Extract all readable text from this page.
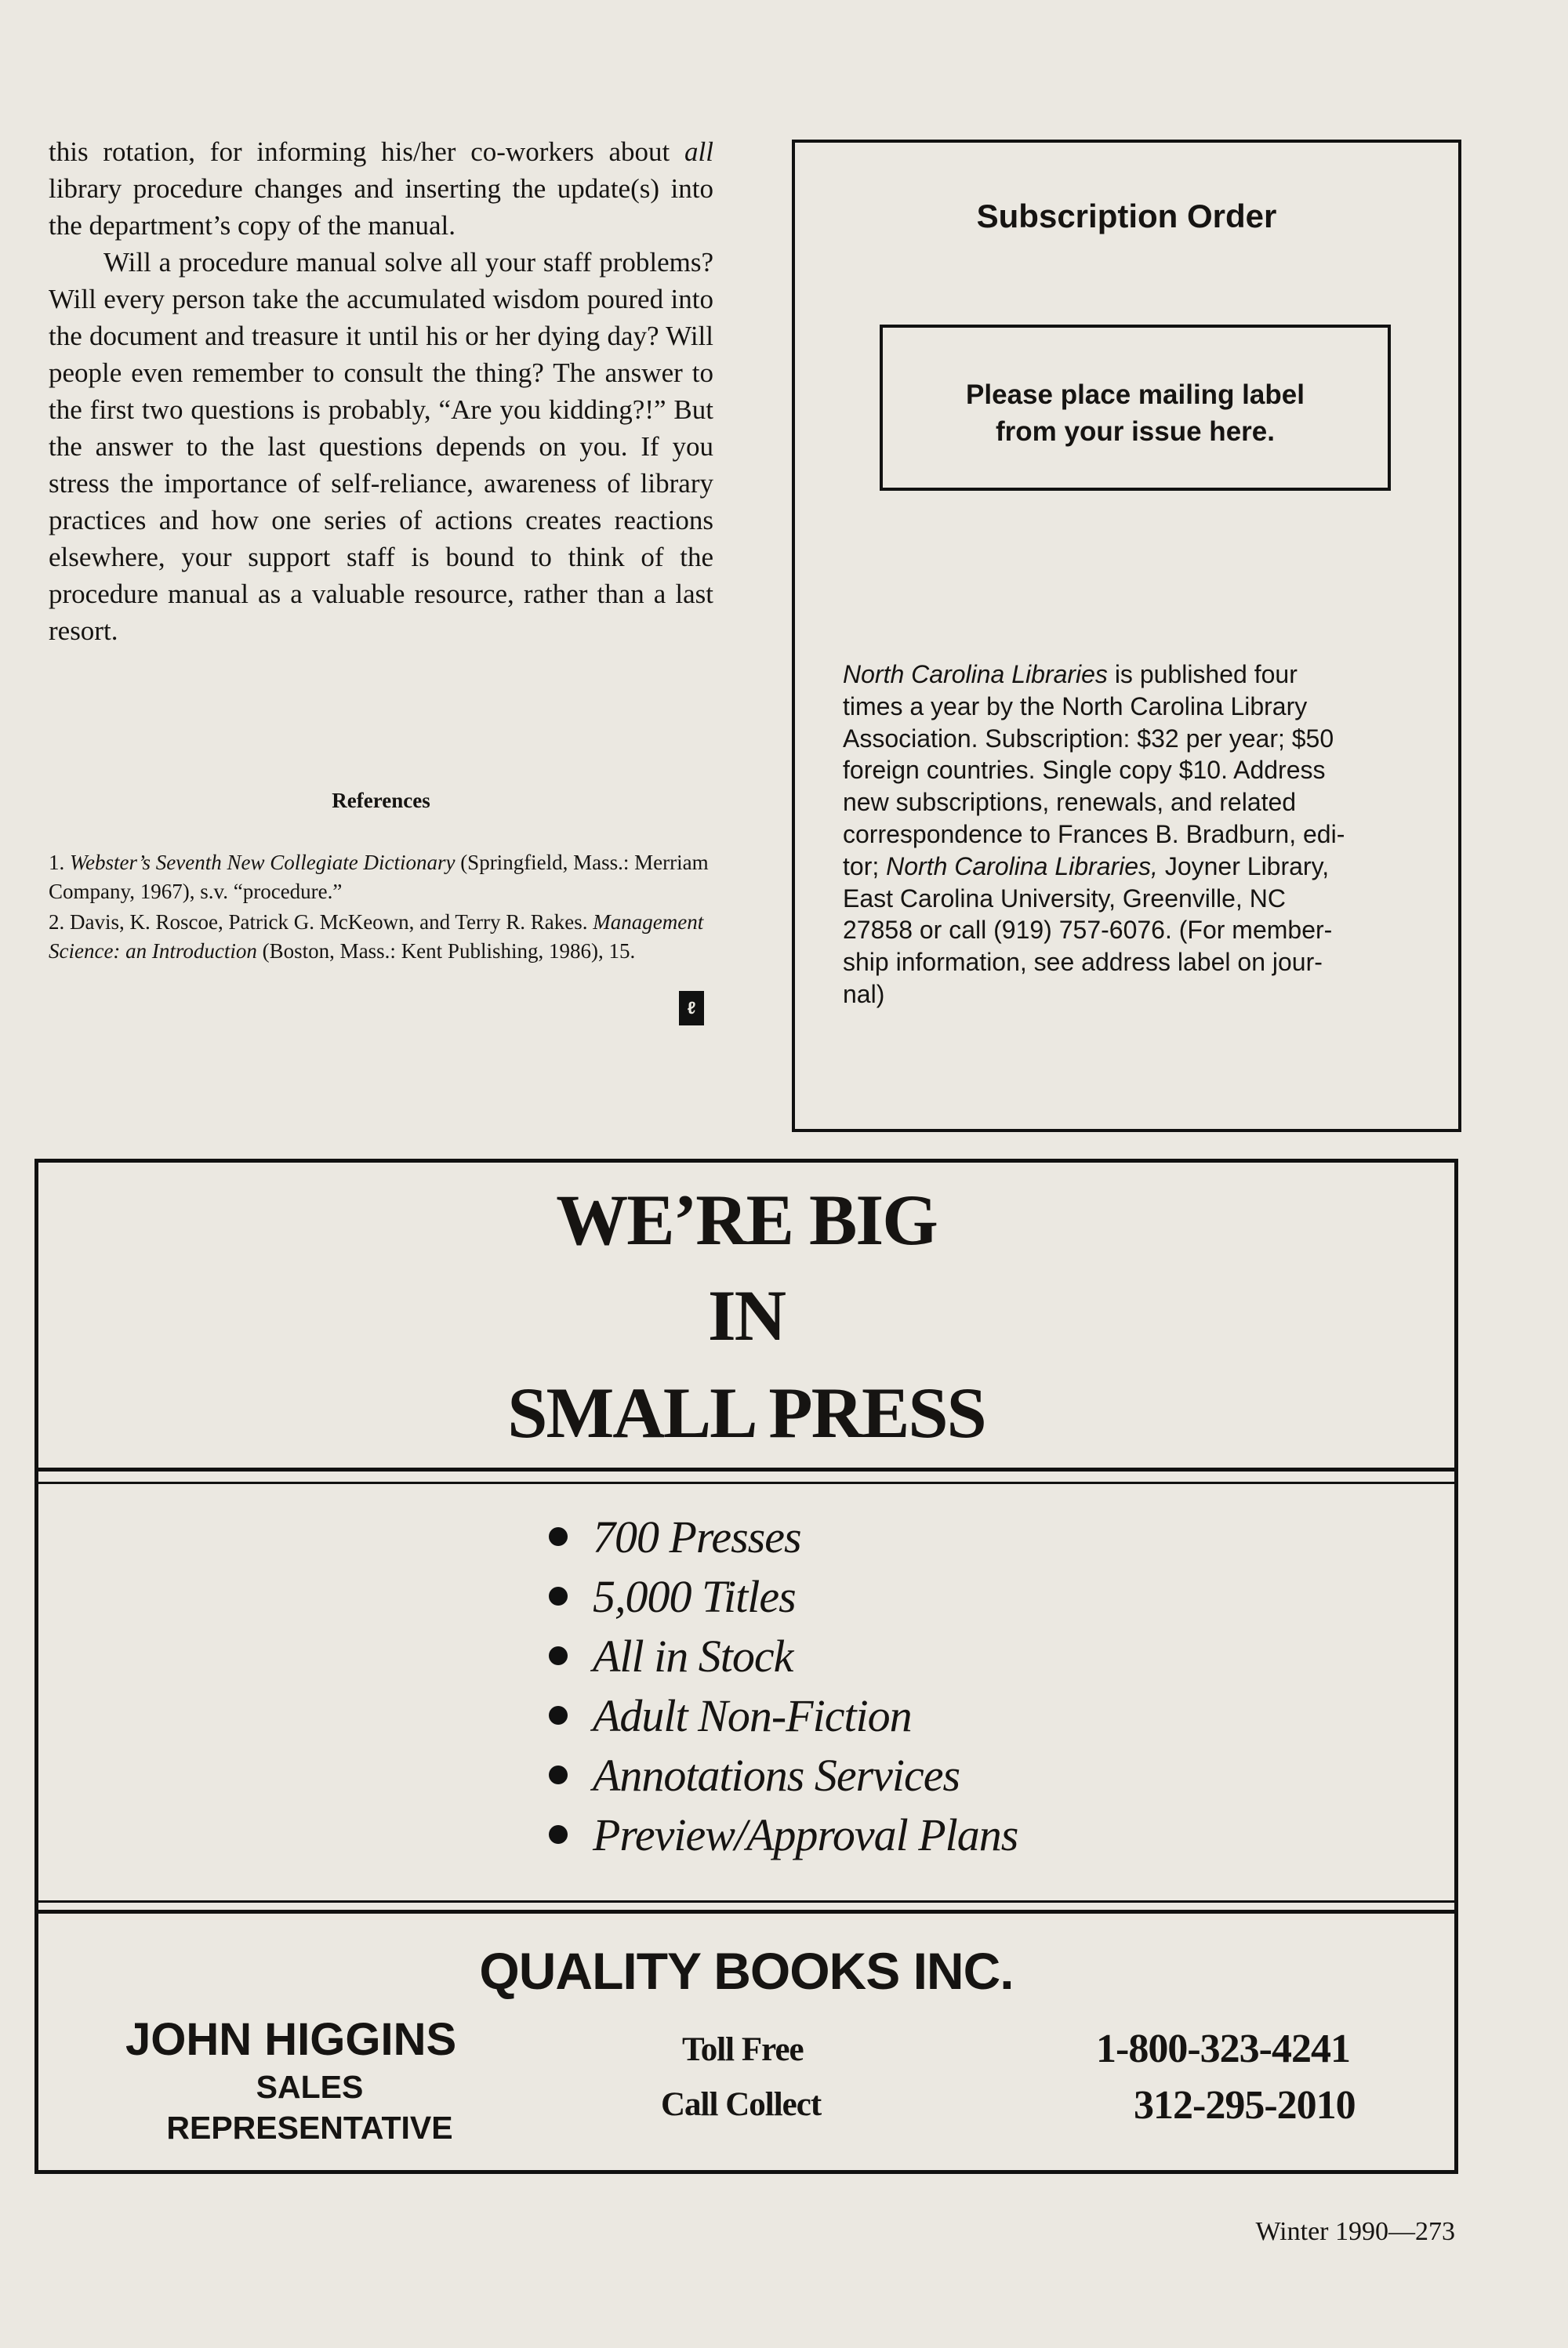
this rotation, for informing his/her co-workers about all library procedure changes and inserting the update(s) into the department’s copy of the manual.

Will a procedure manual solve all your staff problems? Will every person take the accumulated wisdom poured into the document and treasure it until his or her dying day? Will people even remember to consult the thing? The answer to the first two questions is probably, “Are you kidding?!” But the answer to the last questions depends on you. If you stress the importance of self-reliance, awareness of library practices and how one series of actions creates reactions elsewhere, your support staff is bound to think of the procedure manual as a valuable resource, rather than a last resort.

References

1. Webster’s Seventh New Collegiate Dictionary (Springfield, Mass.: Merriam Company, 1967), s.v. “procedure.”

2. Davis, K. Roscoe, Patrick G. McKeown, and Terry R. Rakes. Management Science: an Introduction (Boston, Mass.: Kent Publishing, 1986), 15.

ℓ
Subscription Order
Please place mailing label
from your issue here.
North Carolina Libraries is published four
times a year by the North Carolina Library
Association. Subscription: $32 per year; $50
foreign countries. Single copy $10. Address
new subscriptions, renewals, and related
correspondence to Frances B. Bradburn, edi-
tor; North Carolina Libraries, Joyner Library,
East Carolina University, Greenville, NC
27858 or call (919) 757-6076. (For member-
ship information, see address label on jour-
nal)
WE’RE BIG
IN
SMALL PRESS
700 Presses
5,000 Titles
All in Stock
Adult Non-Fiction
Annotations Services
Preview/Approval Plans
QUALITY BOOKS INC.
JOHN HIGGINS
SALES
REPRESENTATIVE
Toll Free
Call Collect
1-800-323-4241
312-295-2010
Winter 1990—273
